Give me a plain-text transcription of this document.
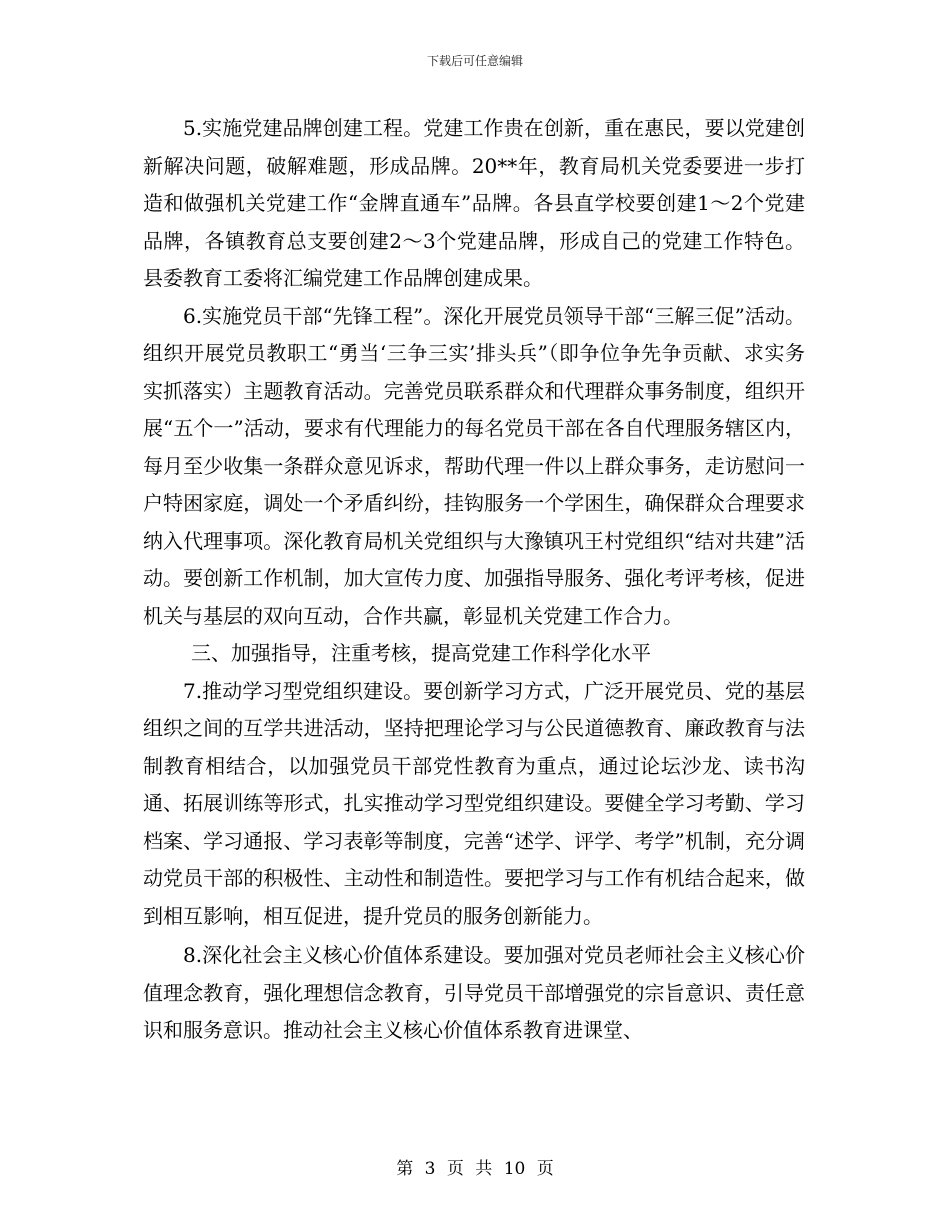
下载后可任意编辑

5.实施党建品牌创建工程。党建工作贵在创新，重在惠民，要以党建创新解决问题，破解难题，形成品牌。20**年，教育局机关党委要进一步打造和做强机关党建工作“金牌直通车”品牌。各县直学校要创建1～2个党建品牌，各镇教育总支要创建2～3个党建品牌，形成自己的党建工作特色。县委教育工委将汇编党建工作品牌创建成果。

6.实施党员干部“先锋工程”。深化开展党员领导干部“三解三促”活动。组织开展党员教职工“勇当‘三争三实’排头兵”（即争位争先争贡献、求实务实抓落实）主题教育活动。完善党员联系群众和代理群众事务制度，组织开展“五个一”活动，要求有代理能力的每名党员干部在各自代理服务辖区内，每月至少收集一条群众意见诉求，帮助代理一件以上群众事务，走访慰问一户特困家庭，调处一个矛盾纠纷，挂钩服务一个学困生，确保群众合理要求纳入代理事项。深化教育局机关党组织与大豫镇巩王村党组织“结对共建”活动。要创新工作机制，加大宣传力度、加强指导服务、强化考评考核，促进机关与基层的双向互动，合作共赢，彰显机关党建工作合力。

三、加强指导，注重考核，提高党建工作科学化水平

7.推动学习型党组织建设。要创新学习方式，广泛开展党员、党的基层组织之间的互学共进活动，坚持把理论学习与公民道德教育、廉政教育与法制教育相结合，以加强党员干部党性教育为重点，通过论坛沙龙、读书沟通、拓展训练等形式，扎实推动学习型党组织建设。要健全学习考勤、学习档案、学习通报、学习表彰等制度，完善“述学、评学、考学”机制，充分调动党员干部的积极性、主动性和制造性。要把学习与工作有机结合起来，做到相互影响，相互促进，提升党员的服务创新能力。

8.深化社会主义核心价值体系建设。要加强对党员老师社会主义核心价值理念教育，强化理想信念教育，引导党员干部增强党的宗旨意识、责任意识和服务意识。推动社会主义核心价值体系教育进课堂、

第 3 页 共 10 页
